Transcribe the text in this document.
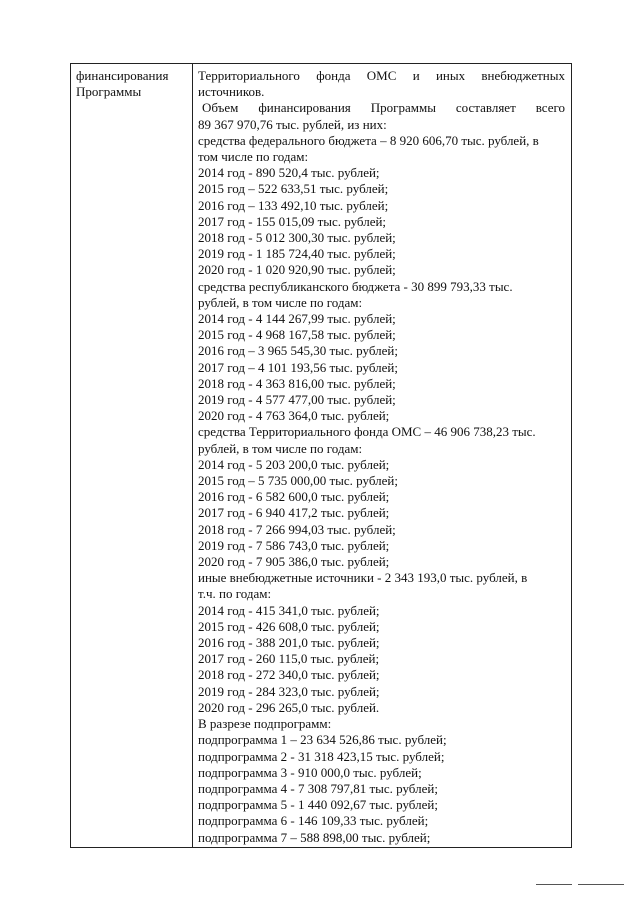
финансирования
Программы
Территориального фонда ОМС и иных внебюджетных
источников.
Объем финансирования Программы составляет всего
89 367 970,76 тыс. рублей, из них:
средства федерального бюджета – 8 920 606,70 тыс. рублей, в
том числе по годам:
2014 год - 890 520,4 тыс. рублей;
2015 год – 522 633,51 тыс. рублей;
2016 год – 133 492,10 тыс. рублей;
2017 год - 155 015,09 тыс. рублей;
2018 год - 5 012 300,30 тыс. рублей;
2019 год - 1 185 724,40 тыс. рублей;
2020 год - 1 020 920,90 тыс. рублей;
средства республиканского бюджета - 30 899 793,33 тыс.
рублей, в том числе по годам:
2014 год - 4 144 267,99 тыс. рублей;
2015 год - 4 968 167,58 тыс. рублей;
2016 год – 3 965 545,30 тыс. рублей;
2017 год – 4 101 193,56 тыс. рублей;
2018 год - 4 363 816,00 тыс. рублей;
2019 год - 4 577 477,00 тыс. рублей;
2020 год - 4 763 364,0 тыс. рублей;
средства Территориального фонда ОМС – 46 906 738,23 тыс.
рублей, в том числе по годам:
2014 год - 5 203 200,0 тыс. рублей;
2015 год – 5 735 000,00 тыс. рублей;
2016 год - 6 582 600,0 тыс. рублей;
2017 год - 6 940 417,2 тыс. рублей;
2018 год - 7 266 994,03 тыс. рублей;
2019 год - 7 586 743,0 тыс. рублей;
2020 год - 7 905 386,0 тыс. рублей;
иные внебюджетные источники - 2 343 193,0 тыс. рублей, в
т.ч. по годам:
2014 год - 415 341,0 тыс. рублей;
2015 год - 426 608,0 тыс. рублей;
2016 год - 388 201,0 тыс. рублей;
2017 год - 260 115,0 тыс. рублей;
2018 год - 272 340,0 тыс. рублей;
2019 год - 284 323,0 тыс. рублей;
2020 год - 296 265,0 тыс. рублей.
В разрезе подпрограмм:
подпрограмма 1 – 23 634 526,86 тыс. рублей;
подпрограмма 2 - 31 318 423,15 тыс. рублей;
подпрограмма 3 - 910 000,0 тыс. рублей;
подпрограмма 4 - 7 308 797,81 тыс. рублей;
подпрограмма 5 - 1 440 092,67 тыс. рублей;
подпрограмма 6 - 146 109,33 тыс. рублей;
подпрограмма 7 – 588 898,00 тыс. рублей;
